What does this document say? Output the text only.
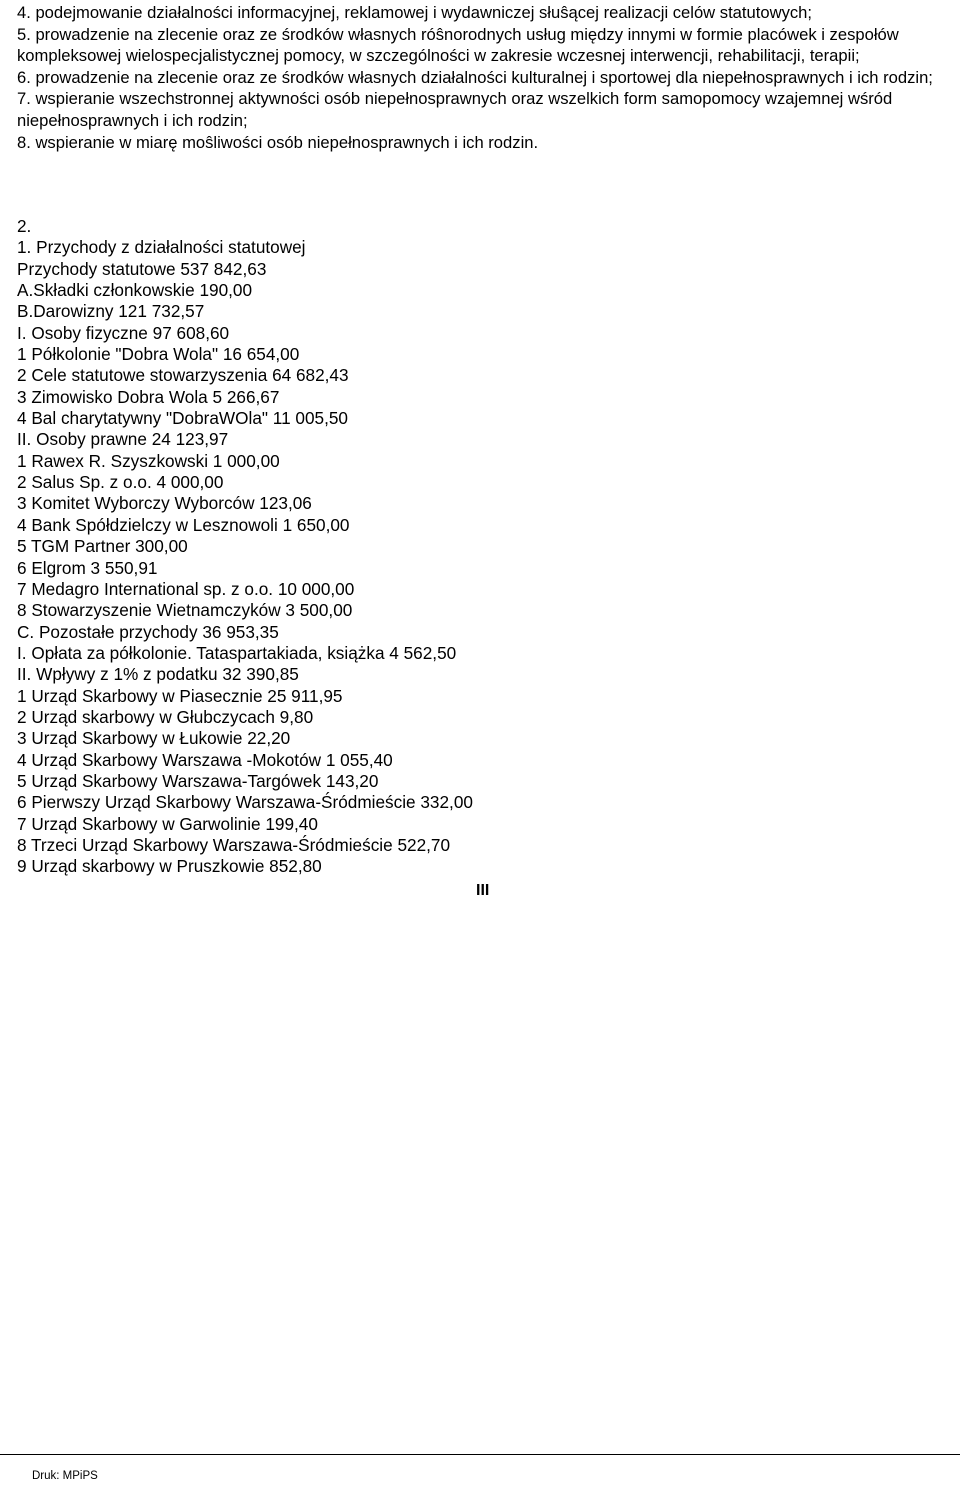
4. podejmowanie działalności informacyjnej, reklamowej i wydawniczej słuŝącej realizacji celów statutowych;

5. prowadzenie na zlecenie oraz ze środków własnych róŝnorodnych usług między innymi w formie placówek i zespołów kompleksowej wielospecjalistycznej pomocy, w szczególności w zakresie wczesnej interwencji, rehabilitacji, terapii;

6. prowadzenie na zlecenie oraz ze środków własnych działalności kulturalnej i sportowej dla niepełnosprawnych i ich rodzin;

7. wspieranie wszechstronnej aktywności osób niepełnosprawnych oraz wszelkich form samopomocy wzajemnej wśród niepełnosprawnych i ich rodzin;

8. wspieranie w miarę moŝliwości osób niepełnosprawnych i ich rodzin.

2.

1. Przychody z działalności statutowej

Przychody statutowe 537 842,63

A.Składki członkowskie 190,00

B.Darowizny 121 732,57

I. Osoby fizyczne 97 608,60

1 Półkolonie "Dobra Wola" 16 654,00

2 Cele statutowe stowarzyszenia 64 682,43

3 Zimowisko Dobra Wola 5 266,67

4 Bal charytatywny "DobraWOla" 11 005,50

II. Osoby prawne 24 123,97

1 Rawex R. Szyszkowski 1 000,00

2 Salus Sp. z o.o. 4 000,00

3 Komitet Wyborczy Wyborców 123,06

4 Bank Spółdzielczy w Lesznowoli 1 650,00

5 TGM Partner 300,00

6 Elgrom 3 550,91

7 Medagro International sp. z o.o. 10 000,00

8 Stowarzyszenie Wietnamczyków 3 500,00

C. Pozostałe przychody 36 953,35

I. Opłata za półkolonie. Tataspartakiada, książka 4 562,50

II. Wpływy z 1% z podatku 32 390,85

1 Urząd Skarbowy w Piasecznie 25 911,95

2 Urząd skarbowy w Głubczycach 9,80

3 Urząd Skarbowy w Łukowie 22,20

4 Urząd Skarbowy Warszawa -Mokotów 1 055,40

5 Urząd Skarbowy Warszawa-Targówek 143,20

6 Pierwszy Urząd Skarbowy Warszawa-Śródmieście 332,00

7 Urząd Skarbowy w Garwolinie 199,40

8 Trzeci Urząd Skarbowy Warszawa-Śródmieście 522,70

9 Urząd skarbowy w Pruszkowie 852,80

III
Druk: MPiPS
